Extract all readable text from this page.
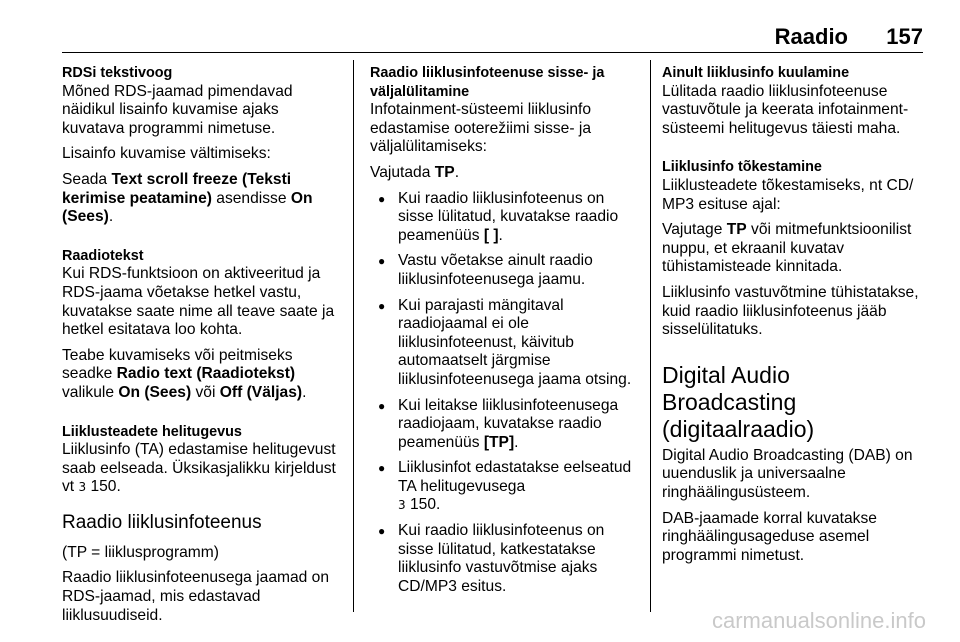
Raadio 157
RDSi tekstivoog

Mõned RDS-jaamad pimendavad näidikul lisainfo kuvamise ajaks kuvatava programmi nimetuse.

Lisainfo kuvamise vältimiseks:

Seada Text scroll freeze (Teksti kerimise peatamine) asendisse On (Sees).

Raadiotekst

Kui RDS-funktsioon on aktiveeritud ja RDS-jaama võetakse hetkel vastu, kuvatakse saate nime all teave saate ja hetkel esitatava loo kohta.

Teabe kuvamiseks või peitmiseks seadke Radio text (Raadiotekst) valikule On (Sees) või Off (Väljas).

Liiklusteadete helitugevus

Liiklusinfo (TA) edastamise helitugevust saab eelseada. Üksikasjalikku kirjeldust vt 3 150.

Raadio liiklusinfoteenus

(TP = liiklusprogramm)

Raadio liiklusinfoteenusega jaamad on RDS-jaamad, mis edastavad liiklusuudiseid.

Raadio liiklusinfoteenuse sisse- ja väljalülitamine

Infotainment-süsteemi liiklusinfo edastamise ooterežiimi sisse- ja väljalülitamiseks:

Vajutada TP.

● Kui raadio liiklusinfoteenus on sisse lülitatud, kuvatakse raadio peamenüüs [ ].
● Vastu võetakse ainult raadio liiklusinfoteenusega jaamu.
● Kui parajasti mängitaval raadiojaamal ei ole liiklusinfoteenust, käivitub automaatselt järgmise liiklusinfoteenusega jaama otsing.
● Kui leitakse liiklusinfoteenusega raadiojaam, kuvatakse raadio peamenüüs [TP].
● Liiklusinfot edastatakse eelseatud TA helitugevusega
3 150.
● Kui raadio liiklusinfoteenus on sisse lülitatud, katkestatakse liiklusinfo vastuvõtmise ajaks CD/MP3 esitus.
Ainult liiklusinfo kuulamine

Lülitada raadio liiklusinfoteenuse vastuvõtule ja keerata infotainment-süsteemi helitugevus täiesti maha.

Liiklusinfo tõkestamine

Liiklusteadete tõkestamiseks, nt CD/ MP3 esituse ajal:

Vajutage TP või mitmefunktsioonilist nuppu, et ekraanil kuvatav tühistamisteade kinnitada.

Liiklusinfo vastuvõtmine tühistatakse, kuid raadio liiklusinfoteenus jääb sisselülitatuks.

Digital Audio Broadcasting (digitaalraadio)

Digital Audio Broadcasting (DAB) on uuenduslik ja universaalne ringhäälingusüsteem.

DAB-jaamade korral kuvatakse ringhäälingusageduse asemel programmi nimetust.

carmanualsonline.info
